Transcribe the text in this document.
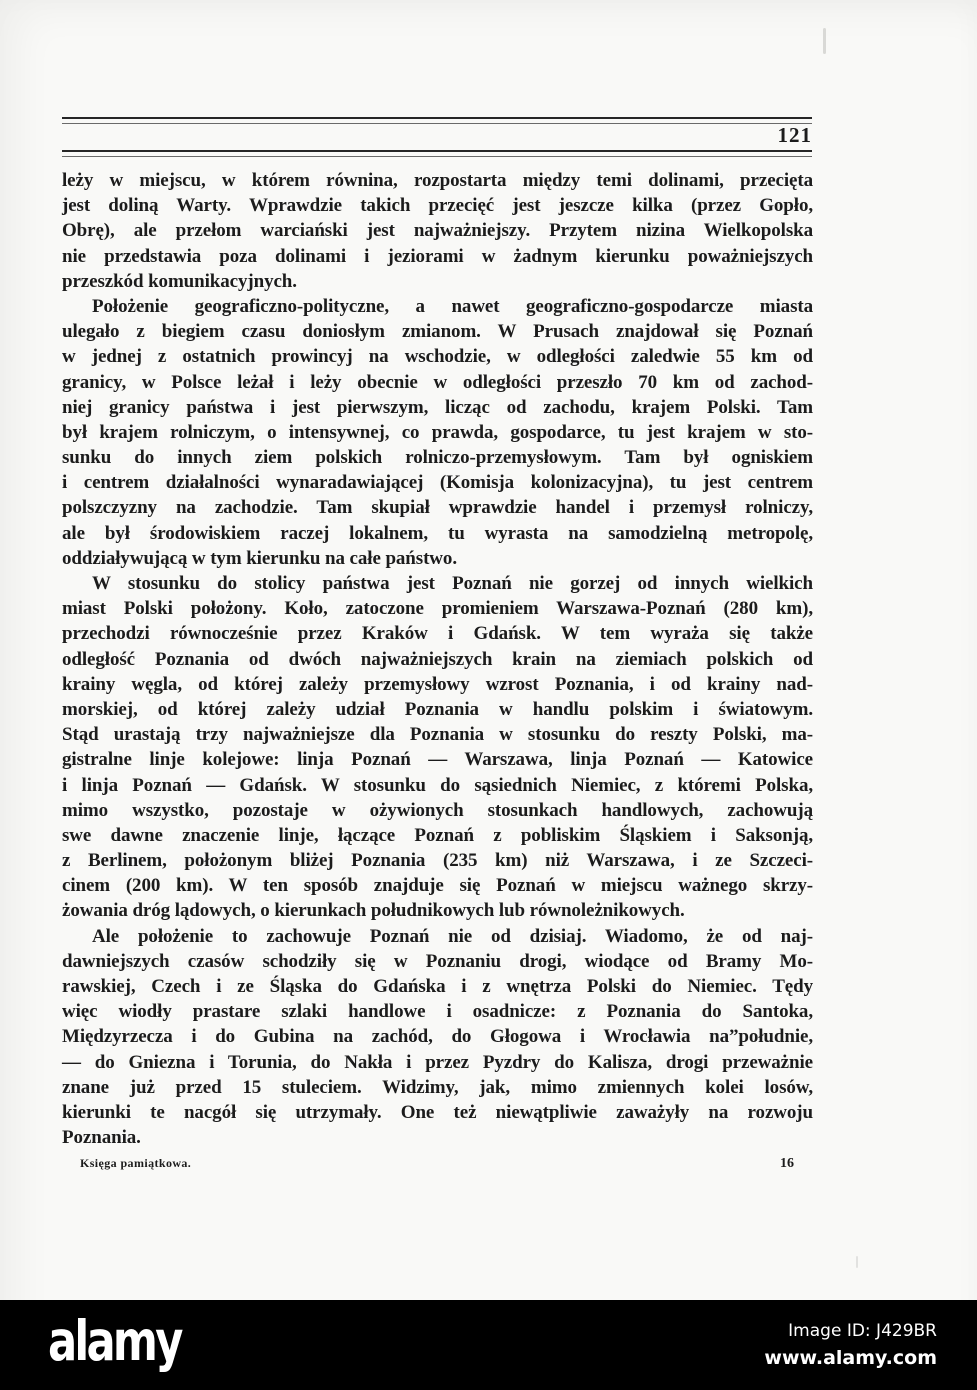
121
leży w miejscu, w którem równina, rozpostarta między temi dolinami, przecięta
jest doliną Warty. Wprawdzie takich przecięć jest jeszcze kilka (przez Gopło,
Obrę), ale przełom warciański jest najważniejszy. Przytem nizina Wielkopolska
nie przedstawia poza dolinami i jeziorami w żadnym kierunku poważniejszych
przeszkód komunikacyjnych.
Położenie geograficzno-polityczne, a nawet geograficzno-gospodarcze miasta
ulegało z biegiem czasu doniosłym zmianom. W Prusach znajdował się Poznań
w jednej z ostatnich prowincyj na wschodzie, w odległości zaledwie 55 km od
granicy, w Polsce leżał i leży obecnie w odległości przeszło 70 km od zachod-
niej granicy państwa i jest pierwszym, licząc od zachodu, krajem Polski. Tam
był krajem rolniczym, o intensywnej, co prawda, gospodarce, tu jest krajem w sto-
sunku do innych ziem polskich rolniczo-przemysłowym. Tam był ogniskiem
i centrem działalności wynaradawiającej (Komisja kolonizacyjna), tu jest centrem
polszczyzny na zachodzie. Tam skupiał wprawdzie handel i przemysł rolniczy,
ale był środowiskiem raczej lokalnem, tu wyrasta na samodzielną metropolę,
oddziaływującą w tym kierunku na całe państwo.
W stosunku do stolicy państwa jest Poznań nie gorzej od innych wielkich
miast Polski położony. Koło, zatoczone promieniem Warszawa-Poznań (280 km),
przechodzi równocześnie przez Kraków i Gdańsk. W tem wyraża się także
odległość Poznania od dwóch najważniejszych krain na ziemiach polskich od
krainy węgla, od której zależy przemysłowy wzrost Poznania, i od krainy nad-
morskiej, od której zależy udział Poznania w handlu polskim i światowym.
Stąd urastają trzy najważniejsze dla Poznania w stosunku do reszty Polski, ma-
gistralne linje kolejowe: linja Poznań — Warszawa, linja Poznań — Katowice
i linja Poznań — Gdańsk. W stosunku do sąsiednich Niemiec, z któremi Polska,
mimo wszystko, pozostaje w ożywionych stosunkach handlowych, zachowują
swe dawne znaczenie linje, łączące Poznań z pobliskim Śląskiem i Saksonją,
z Berlinem, położonym bliżej Poznania (235 km) niż Warszawa, i ze Szczeci-
cinem (200 km). W ten sposób znajduje się Poznań w miejscu ważnego skrzy-
żowania dróg lądowych, o kierunkach południkowych lub równoleżnikowych.
Ale położenie to zachowuje Poznań nie od dzisiaj. Wiadomo, że od naj-
dawniejszych czasów schodziły się w Poznaniu drogi, wiodące od Bramy Mo-
rawskiej, Czech i ze Śląska do Gdańska i z wnętrza Polski do Niemiec. Tędy
więc wiodły prastare szlaki handlowe i osadnicze: z Poznania do Santoka,
Międzyrzecza i do Gubina na zachód, do Głogowa i Wrocławia na”południe,
— do Gniezna i Torunia, do Nakła i przez Pyzdry do Kalisza, drogi przeważnie
znane już przed 15 stuleciem. Widzimy, jak, mimo zmiennych kolei losów,
kierunki te nacgół się utrzymały. One też niewątpliwie zaważyły na rozwoju
Poznania.
Księga pamiątkowa.	16
alamy	Image ID: J429BR
www.alamy.com
